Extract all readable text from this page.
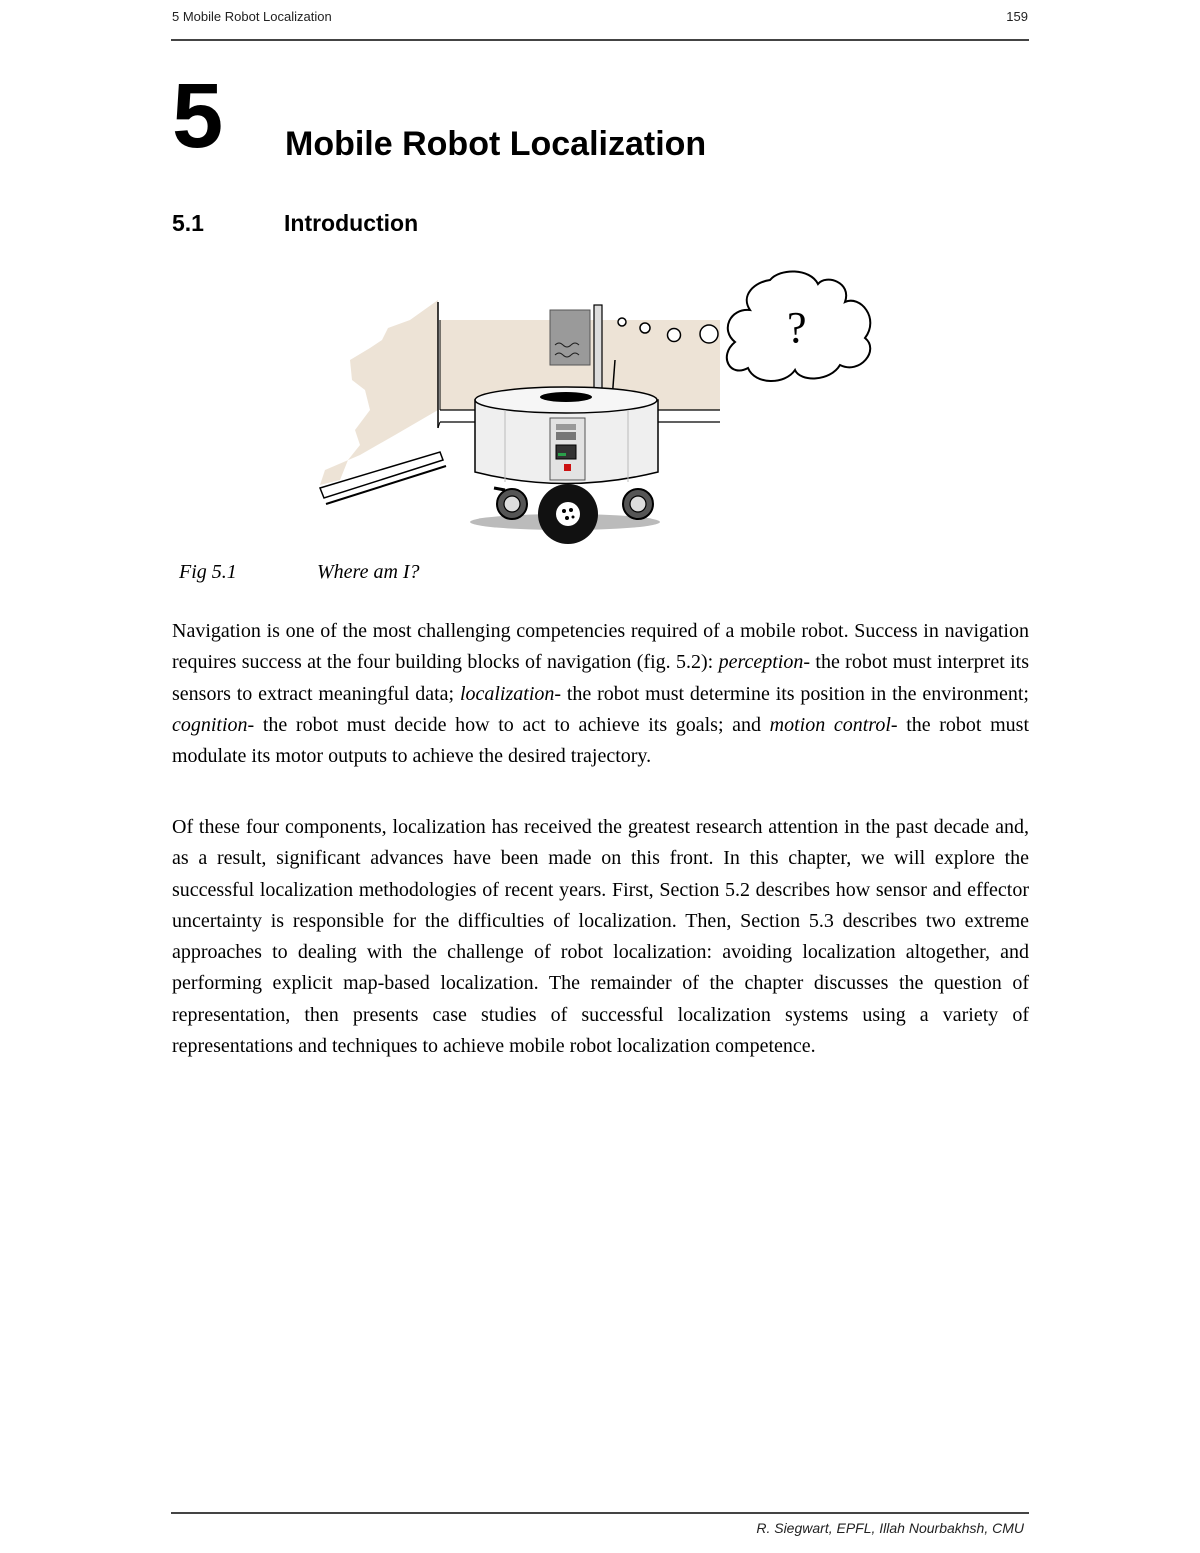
5 Mobile Robot Localization	159
5 Mobile Robot Localization
5.1	Introduction
?
Fig 5.1	Where am I?

Navigation is one of the most challenging competencies required of a mobile robot. Success in navigation requires success at the four building blocks of navigation (fig. 5.2): perception- the robot must interpret its sensors to extract meaningful data; localization- the robot must determine its position in the environment; cognition- the robot must decide how to act to achieve its goals; and motion control- the robot must modulate its motor outputs to achieve the desired trajectory.

Of these four components, localization has received the greatest research attention in the past decade and, as a result, significant advances have been made on this front. In this chapter, we will explore the successful localization methodologies of recent years. First, Section 5.2 describes how sensor and effector uncertainty is responsible for the difficulties of localization. Then, Section 5.3 describes two extreme approaches to dealing with the challenge of robot localization: avoiding localization altogether, and performing explicit map-based localization. The remainder of the chapter discusses the question of representation, then presents case studies of successful localization systems using a variety of representations and techniques to achieve mobile robot localization competence.

R. Siegwart, EPFL, Illah Nourbakhsh, CMU
